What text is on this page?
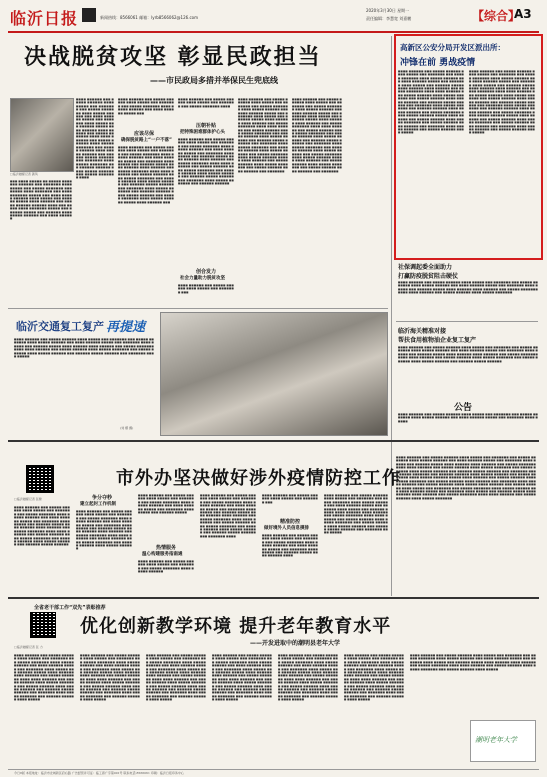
临沂日报	新闻热线：8566061 邮箱：lyrb8566062@126.com
2020年3月30日 星期一
责任编辑：李慧宽 刘嘉鹏	【综合】
A3
决战脱贫攻坚 彰显民政担当
——市民政局多措并举保民生兜底线
□临沂融媒记者 蒲凤
■■■ ■■■■ ■■■■■ ■■ ■■■■■ ■■■■ ■■■ ■■■■■■ ■■■ ■■■■■■■ ■■■■ ■■■■■ ■■■ ■■■■■ ■■■■■■■ ■■■ ■■■■■ ■■■■ ■■■■■■■ ■■■ ■■■■ ■■■■■■■ ■■■■■ ■■■ ■■■■ ■■■■■ ■■■■■■ ■■■■ ■■■■■ ■■■ ■■■■■■ ■■■■■ ■■■■ ■■■■■■ ■■■ ■■■■■ ■■■■■■ ■■■■■■ ■■■■ ■■■ ■■■■■ ■■■■ ■■■■■■■ ■■■■■ ■■■ ■■■■■■ ■■■■■ ■■■ ■■■■■■ ■■■■ ■■■■■ ■■■■■■ ■■■ ■■■■ ■■■■■■
■■■■ ■■■■■■ ■■■ ■■■■■ ■■■■■■ ■■■■ ■■■■■ ■■■ ■■■■■■■ ■■■ ■■■■■ ■■■■■■■ ■■■■ ■■■■■ ■■■■■■ ■■■ ■■■■ ■■■■■■ ■■■■■ ■■■ ■■■■■■■ ■■■■ ■■■■■ ■■■ ■■■■■■ ■■■■■ ■■■■ ■■■■■■ ■■■■ ■■■■■■ ■■■ ■■■■■ ■■■■■■■ ■■■■ ■■■■ ■■■■■■ ■■■ ■■■■■ ■■■■■■ ■■■■ ■■■■■ ■■■■■■■ ■■■ ■■■■■ ■■■■■■ ■■■■ ■■■■■ ■■■■■■ ■■■ ■■■■■■ ■■■■■ ■■■■■■ ■■■ ■■■■■■■ ■■■■ ■■■■■ ■■■■■■■ ■■■ ■■■■■■ ■■■■■■ ■■■■ ■■■■■ ■■■■■■ ■■■ ■■■■■ ■■■■■■■ ■■■■
■■■■ ■■■■■■ ■■■ ■■■■■ ■■■■■■ ■■■■ ■■■■■ ■■■ ■■■■■■■ ■■■ ■■■■■ ■■■■■■■ ■■■■ ■■■■■ ■■■■■■ ■■■ ■■■■ ■■■■■■ ■■■■■ ■■■
应该尽保
确保脱贫路上“一户不落”
■■■■ ■■■■■■ ■■■ ■■■■■ ■■■■■■ ■■■■ ■■■■■ ■■■ ■■■■■■■ ■■■ ■■■■■ ■■■■■■■ ■■■■ ■■■■■ ■■■■■■ ■■■ ■■■■ ■■■■■■ ■■■■■ ■■■ ■■■■■■■ ■■■■ ■■■■■ ■■■ ■■■■■■ ■■■■■ ■■■■ ■■■■■■ ■■■■ ■■■■■■ ■■■ ■■■■■ ■■■■■■■ ■■■■ ■■■■ ■■■■■■ ■■■ ■■■■■ ■■■■■■ ■■■■ ■■■■■ ■■■■■■■ ■■■ ■■■■■ ■■■■■■ ■■■■ ■■■■■ ■■■■■■ ■■■ ■■■■■■ ■■■■■ ■■■■■■ ■■■ ■■■■■■■ ■■■■ ■■■■■ ■■■■■■■ ■■■ ■■■■■■ ■■■■■■ ■■■■ ■■■■■ ■■■■■■ ■■■ ■■■■■ ■■■■■■■ ■■■■ ■■■■■ ■■■■■■ ■■■■■ ■■■■ ■■■■■■ ■■■
■■■■ ■■■■■■ ■■■ ■■■■■ ■■■■■■ ■■■■ ■■■■■ ■■■ ■■■■■■■ ■■■ ■■■■■ ■■■■■■■ ■■■■
压朝补贴
把特殊困难群体护心头
■■■■ ■■■■■■ ■■■ ■■■■■ ■■■■■■ ■■■■ ■■■■■ ■■■ ■■■■■■■ ■■■ ■■■■■ ■■■■■■■ ■■■■ ■■■■■ ■■■■■■ ■■■ ■■■■ ■■■■■■ ■■■■■ ■■■ ■■■■■■■ ■■■■ ■■■■■ ■■■ ■■■■■■ ■■■■■ ■■■■ ■■■■■■ ■■■■ ■■■■■■ ■■■ ■■■■■ ■■■■■■■ ■■■■ ■■■■ ■■■■■■ ■■■ ■■■■■ ■■■■■■ ■■■■ ■■■■■ ■■■■■■■ ■■■ ■■■■■ ■■■■■■ ■■■■ ■■■■■ ■■■■■■ ■■■ ■■■■■■ ■■■■■ ■■■■■■ ■■■ ■■■■■■■ ■■■■ ■■■■■ ■■■■■■■ ■■■ ■■■■■■ ■■■■■■
创合发力
社会力量助力脱贫攻坚
■■■■ ■■■■■■ ■■■ ■■■■■ ■■■■■■ ■■■■ ■■■■■ ■■■ ■■■■■■■ ■■■
■■■■ ■■■■■■ ■■■ ■■■■■ ■■■■■■ ■■■■ ■■■■■ ■■■ ■■■■■■■ ■■■ ■■■■■ ■■■■■■■ ■■■■ ■■■■■ ■■■■■■ ■■■ ■■■■ ■■■■■■ ■■■■■ ■■■ ■■■■■■■ ■■■■ ■■■■■ ■■■ ■■■■■■ ■■■■■ ■■■■ ■■■■■■ ■■■■ ■■■■■■ ■■■ ■■■■■ ■■■■■■■ ■■■■ ■■■■ ■■■■■■ ■■■ ■■■■■ ■■■■■■ ■■■■ ■■■■■ ■■■■■■■ ■■■ ■■■■■ ■■■■■■ ■■■■ ■■■■■ ■■■■■■ ■■■ ■■■■■■ ■■■■■ ■■■■■■ ■■■ ■■■■■■■ ■■■■ ■■■■■ ■■■■■■■ ■■■ ■■■■■■ ■■■■■■ ■■■■ ■■■■■ ■■■■■■ ■■■ ■■■■■ ■■■■■■■ ■■■■ ■■■■■ ■■■■■■ ■■■■■ ■■■■ ■■■■■■ ■■■ ■■■■■ ■■■■■■ ■■■■ ■■■■■ ■■■■■■■ ■■■ ■■■■■ ■■■■■■ ■■■■ ■■■■■■ ■■■ ■■■■■■■
■■■■ ■■■■■■ ■■■ ■■■■■ ■■■■■■ ■■■■ ■■■■■ ■■■ ■■■■■■■ ■■■ ■■■■■ ■■■■■■■ ■■■■ ■■■■■ ■■■■■■ ■■■ ■■■■ ■■■■■■ ■■■■■ ■■■ ■■■■■■■ ■■■■ ■■■■■ ■■■ ■■■■■■ ■■■■■ ■■■■ ■■■■■■ ■■■■ ■■■■■■ ■■■ ■■■■■ ■■■■■■■ ■■■■ ■■■■ ■■■■■■ ■■■ ■■■■■ ■■■■■■ ■■■■ ■■■■■ ■■■■■■■ ■■■ ■■■■■ ■■■■■■ ■■■■ ■■■■■ ■■■■■■ ■■■ ■■■■■■ ■■■■■ ■■■■■■ ■■■ ■■■■■■■ ■■■■ ■■■■■ ■■■■■■■ ■■■ ■■■■■■ ■■■■■■ ■■■■ ■■■■■ ■■■■■■ ■■■ ■■■■■ ■■■■■■■ ■■■■ ■■■■■ ■■■■■■ ■■■■■ ■■■■ ■■■■■■ ■■■ ■■■■■ ■■■■■■ ■■■■ ■■■■■ ■■■■■■■ ■■■ ■■■■■ ■■■■■■ ■■■■ ■■■■■■ ■■■ ■■■■■■■
高新区公安分局开发区派出所：
冲锋在前 勇战疫情
■■■■ ■■■■■■ ■■■ ■■■■■ ■■■■■■ ■■■■ ■■■■■ ■■■ ■■■■■■■ ■■■ ■■■■■ ■■■■■■■ ■■■■ ■■■■■ ■■■■■■ ■■■ ■■■■ ■■■■■■ ■■■■■ ■■■ ■■■■■■■ ■■■■ ■■■■■ ■■■ ■■■■■■ ■■■■■ ■■■■ ■■■■■■ ■■■■ ■■■■■■ ■■■ ■■■■■ ■■■■■■■ ■■■■ ■■■■ ■■■■■■ ■■■ ■■■■■ ■■■■■■ ■■■■ ■■■■■ ■■■■■■■ ■■■ ■■■■■ ■■■■■■ ■■■■ ■■■■■ ■■■■■■ ■■■ ■■■■■■ ■■■■■ ■■■■■■ ■■■ ■■■■■■■ ■■■■ ■■■■■ ■■■■■■■ ■■■ ■■■■■■ ■■■■■■ ■■■■ ■■■■■ ■■■■■■ ■■■ ■■■■■ ■■■■■■■ ■■■■ ■■■■■ ■■■■■■ ■■■■■ ■■■■ ■■■■■■ ■■■ ■■■■■ ■■■■■■ ■■■■ ■■■■■ ■■■■■■■ ■■■ ■■■■■ ■■■■■■ ■■■■ ■■■■■■ ■■■ ■■■■■■■ ■■■■ ■■■■■ ■■■■■■ ■■■ ■■■■■ ■■■■■■ ■■■■ ■■■■■
■■■■ ■■■■■■ ■■■ ■■■■■ ■■■■■■ ■■■■ ■■■■■ ■■■ ■■■■■■■ ■■■ ■■■■■ ■■■■■■■ ■■■■ ■■■■■ ■■■■■■ ■■■ ■■■■ ■■■■■■ ■■■■■ ■■■ ■■■■■■■ ■■■■ ■■■■■ ■■■ ■■■■■■ ■■■■■ ■■■■ ■■■■■■ ■■■■ ■■■■■■ ■■■ ■■■■■ ■■■■■■■ ■■■■ ■■■■ ■■■■■■ ■■■ ■■■■■ ■■■■■■ ■■■■ ■■■■■ ■■■■■■■ ■■■ ■■■■■ ■■■■■■ ■■■■ ■■■■■ ■■■■■■ ■■■ ■■■■■■ ■■■■■ ■■■■■■ ■■■ ■■■■■■■ ■■■■ ■■■■■ ■■■■■■■ ■■■ ■■■■■■ ■■■■■■ ■■■■ ■■■■■ ■■■■■■ ■■■ ■■■■■ ■■■■■■■ ■■■■ ■■■■■ ■■■■■■ ■■■■■ ■■■■ ■■■■■■ ■■■ ■■■■■ ■■■■■■ ■■■■ ■■■■■ ■■■■■■■ ■■■ ■■■■■ ■■■■■■ ■■■■ ■■■■■■ ■■■ ■■■■■■■ ■■■■ ■■■■■ ■■■■■■ ■■■ ■■■■■ ■■■■■■ ■■■■ ■■■■■
社保调起委全面助力
打赢防疫脱贫阻击硬仗
■■■■ ■■■■■■ ■■■ ■■■■■ ■■■■■■ ■■■■ ■■■■■ ■■■ ■■■■■■■ ■■■ ■■■■■ ■■■■■■■ ■■■■ ■■■■■ ■■■■■■ ■■■ ■■■■ ■■■■■■ ■■■■■ ■■■ ■■■■■■■ ■■■■ ■■■■■ ■■■ ■■■■■■ ■■■■■ ■■■■ ■■■■■■ ■■■■ ■■■■■■ ■■■ ■■■■■ ■■■■■■■ ■■■■ ■■■■ ■■■■■■ ■■■ ■■■■■ ■■■■■■ ■■■■ ■■■■■ ■■■■■■■
临沂海关精准对接
帮扶食用植物油企业复工复产
■■■■ ■■■■■■ ■■■ ■■■■■ ■■■■■■ ■■■■ ■■■■■ ■■■ ■■■■■■■ ■■■ ■■■■■ ■■■■■■■ ■■■■ ■■■■■ ■■■■■■ ■■■ ■■■■ ■■■■■■ ■■■■■ ■■■ ■■■■■■■ ■■■■ ■■■■■ ■■■ ■■■■■■ ■■■■■ ■■■■ ■■■■■■ ■■■■ ■■■■■■ ■■■ ■■■■■ ■■■■■■■ ■■■■ ■■■■ ■■■■■■ ■■■ ■■■■■ ■■■■■■ ■■■■ ■■■■■ ■■■■■■■ ■■■ ■■■■■ ■■■■■■ ■■■■ ■■■■■ ■■■■■■ ■■■ ■■■■■■ ■■■■■ ■■■■■■
公告
■■■■ ■■■■■■ ■■■ ■■■■■ ■■■■■■ ■■■■ ■■■■■ ■■■ ■■■■■■■ ■■■ ■■■■■ ■■■■■■■ ■■■■ ■■■■■ ■■■■■■ ■■■ ■■■■ ■■■■■■ ■■■■■ ■■■ ■■■■■■■ ■■■■ ■■■■■
临沂交通复工复产 再提速
■■■■ ■■■■■■ ■■■ ■■■■■ ■■■■■■ ■■■■ ■■■■■ ■■■ ■■■■■■■ ■■■ ■■■■■ ■■■■■■■ ■■■■ ■■■■■ ■■■■■■ ■■■ ■■■■ ■■■■■■ ■■■■■ ■■■ ■■■■■■■ ■■■■ ■■■■■ ■■■ ■■■■■■ ■■■■■ ■■■■ ■■■■■■ ■■■■ ■■■■■■ ■■■ ■■■■■ ■■■■■■■ ■■■■ ■■■■ ■■■■■■ ■■■ ■■■■■ ■■■■■■ ■■■■ ■■■■■ ■■■■■■■ ■■■ ■■■■■ ■■■■■■ ■■■■ ■■■■■ ■■■■■■ ■■■ ■■■■■■ ■■■■■ ■■■■■■ ■■■ ■■■■■■■ ■■■■ ■■■■■
(刘 娜 摄)
市外办坚决做好涉外疫情防控工作
□临沂融媒记者 张健
■■■■ ■■■■■■ ■■■ ■■■■■ ■■■■■■ ■■■■ ■■■■■ ■■■ ■■■■■■■ ■■■ ■■■■■ ■■■■■■■ ■■■■ ■■■■■ ■■■■■■ ■■■ ■■■■ ■■■■■■ ■■■■■ ■■■ ■■■■■■■ ■■■■ ■■■■■ ■■■ ■■■■■■ ■■■■■ ■■■■ ■■■■■■ ■■■■ ■■■■■■ ■■■ ■■■■■ ■■■■■■■ ■■■■ ■■■■ ■■■■■■ ■■■ ■■■■■ ■■■■■■ ■■■■ ■■■■■ ■■■■■■■ ■■■ ■■■■■ ■■■■■■ ■■■■ ■■■■■ ■■■■■■ ■■■ ■■■■■■ ■■■■■ ■■■■■■
争分夺秒
建立起封工作机制
■■■■ ■■■■■■ ■■■ ■■■■■ ■■■■■■ ■■■■ ■■■■■ ■■■ ■■■■■■■ ■■■ ■■■■■ ■■■■■■■ ■■■■ ■■■■■ ■■■■■■ ■■■ ■■■■ ■■■■■■ ■■■■■ ■■■ ■■■■■■■ ■■■■ ■■■■■ ■■■ ■■■■■■ ■■■■■ ■■■■ ■■■■■■ ■■■■ ■■■■■■ ■■■ ■■■■■ ■■■■■■■ ■■■■ ■■■■ ■■■■■■ ■■■ ■■■■■ ■■■■■■ ■■■■ ■■■■■ ■■■■■■■ ■■■ ■■■■■ ■■■■■■ ■■■■ ■■■■■ ■■■■■■
■■■■ ■■■■■■ ■■■ ■■■■■ ■■■■■■ ■■■■ ■■■■■ ■■■ ■■■■■■■ ■■■ ■■■■■ ■■■■■■■ ■■■■ ■■■■■ ■■■■■■ ■■■ ■■■■ ■■■■■■ ■■■■■ ■■■ ■■■■■■■ ■■■■ ■■■■■ ■■■ ■■■■■■ ■■■■■
热情服务
温心构建服务指南通
■■■■ ■■■■■■ ■■■ ■■■■■ ■■■■■■ ■■■■ ■■■■■ ■■■ ■■■■■■■ ■■■ ■■■■■ ■■■■■■■ ■■■■ ■■■■■ ■■■■■■
■■■■ ■■■■■■ ■■■ ■■■■■ ■■■■■■ ■■■■ ■■■■■ ■■■ ■■■■■■■ ■■■ ■■■■■ ■■■■■■■ ■■■■ ■■■■■ ■■■■■■ ■■■ ■■■■ ■■■■■■ ■■■■■ ■■■ ■■■■■■■ ■■■■ ■■■■■ ■■■ ■■■■■■ ■■■■■ ■■■■ ■■■■■■ ■■■■ ■■■■■■ ■■■ ■■■■■ ■■■■■■■ ■■■■ ■■■■ ■■■■■■ ■■■ ■■■■■ ■■■■■■ ■■■■ ■■■■■ ■■■■■■■ ■■■ ■■■■■ ■■■■■■ ■■■■ ■■■■■ ■■■■■■ ■■■ ■■■■■■ ■■■■■ ■■■■■■ ■■■ ■■■■■■■ ■■■■
■■■■ ■■■■■■ ■■■ ■■■■■ ■■■■■■ ■■■■ ■■■■■ ■■■ ■■■■■■■ ■■■
精准防控
做好境外人员信息摸排
■■■■ ■■■■■■ ■■■ ■■■■■ ■■■■■■ ■■■■ ■■■■■ ■■■ ■■■■■■■ ■■■ ■■■■■ ■■■■■■■ ■■■■ ■■■■■ ■■■■■■ ■■■ ■■■■ ■■■■■■ ■■■■■ ■■■ ■■■■■■■ ■■■■ ■■■■■ ■■■ ■■■■■■ ■■■■■ ■■■■ ■■■■■■ ■■■■
■■■■ ■■■■■■ ■■■ ■■■■■ ■■■■■■ ■■■■ ■■■■■ ■■■ ■■■■■■■ ■■■ ■■■■■ ■■■■■■■ ■■■■ ■■■■■ ■■■■■■ ■■■ ■■■■ ■■■■■■ ■■■■■ ■■■ ■■■■■■■ ■■■■ ■■■■■ ■■■ ■■■■■■ ■■■■■ ■■■■ ■■■■■■ ■■■■ ■■■■■■ ■■■ ■■■■■ ■■■■■■■ ■■■■ ■■■■ ■■■■■■ ■■■ ■■■■■ ■■■■■■ ■■■■ ■■■■■ ■■■■■■■ ■■■ ■■■■■ ■■■■■■ ■■■■ ■■■■■ ■■■■■■ ■■■ ■■■■■■ ■■■■■ ■■■■■■ ■■■ ■■■■■■■ ■■■■ ■■■■■
■■■■ ■■■■■■ ■■■ ■■■■■ ■■■■■■ ■■■■ ■■■■■ ■■■ ■■■■■■■ ■■■ ■■■■■ ■■■■■■■ ■■■■ ■■■■■ ■■■■■■ ■■■ ■■■■ ■■■■■■ ■■■■■ ■■■ ■■■■■■■ ■■■■ ■■■■■ ■■■ ■■■■■■ ■■■■■ ■■■■ ■■■■■■ ■■■■ ■■■■■■ ■■■ ■■■■■ ■■■■■■■ ■■■■ ■■■■ ■■■■■■ ■■■ ■■■■■ ■■■■■■ ■■■■ ■■■■■ ■■■■■■■ ■■■ ■■■■■ ■■■■■■ ■■■■ ■■■■■ ■■■■■■ ■■■ ■■■■■■ ■■■■■ ■■■■■■ ■■■ ■■■■■■■ ■■■■ ■■■■■ ■■■■■■■ ■■■ ■■■■■■ ■■■■■■ ■■■■ ■■■■■ ■■■■■■ ■■■ ■■■■■ ■■■■■■■ ■■■■ ■■■■■ ■■■■■■ ■■■■■ ■■■■ ■■■■■■ ■■■ ■■■■■ ■■■■■■ ■■■■ ■■■■■ ■■■■■■■ ■■■ ■■■■■ ■■■■■■ ■■■■ ■■■■■■ ■■■ ■■■■■■■ ■■■■ ■■■■■ ■■■■■■ ■■■ ■■■■■ ■■■■■■ ■■■■ ■■■■■ ■■■■ ■■■■■■ ■■■ ■■■■■ ■■■■■■ ■■■■ ■■■■■ ■■■ ■■■■■■■ ■■■ ■■■■■ ■■■■■■■ ■■■■ ■■■■■ ■■■■■■ ■■■ ■■■■ ■■■■■■ ■■■■■ ■■■ ■■■■■■■ ■■■■ ■■■■■ ■■■ ■■■■■■ ■■■■■ ■■■■ ■■■■■■ ■■■■ ■■■■■■ ■■■ ■■■■■ ■■■■■■■ ■■■■ ■■■■ ■■■■■■ ■■■ ■■■■■ ■■■■■■ ■■■■ ■■■■■ ■■■■■■■
全省老干部工作“双先”表彰推荐
优化创新教学环境 提升老年教育水平
——开发进取中的潮明县老年大学
□临沂融媒记者 张 力
■■■■ ■■■■■■ ■■■ ■■■■■ ■■■■■■ ■■■■ ■■■■■ ■■■ ■■■■■■■ ■■■ ■■■■■ ■■■■■■■ ■■■■ ■■■■■ ■■■■■■ ■■■ ■■■■ ■■■■■■ ■■■■■ ■■■ ■■■■■■■ ■■■■ ■■■■■ ■■■ ■■■■■■ ■■■■■ ■■■■ ■■■■■■ ■■■■ ■■■■■■ ■■■ ■■■■■ ■■■■■■■ ■■■■ ■■■■ ■■■■■■ ■■■ ■■■■■ ■■■■■■ ■■■■ ■■■■■ ■■■■■■■ ■■■ ■■■■■ ■■■■■■ ■■■■ ■■■■■ ■■■■■■ ■■■ ■■■■■■ ■■■■■ ■■■■■■ ■■■ ■■■■■■■ ■■■■ ■■■■■ ■■■■■■■ ■■■ ■■■■■■ ■■■■■■ ■■■■ ■■■■■
■■■■ ■■■■■■ ■■■ ■■■■■ ■■■■■■ ■■■■ ■■■■■ ■■■ ■■■■■■■ ■■■ ■■■■■ ■■■■■■■ ■■■■ ■■■■■ ■■■■■■ ■■■ ■■■■ ■■■■■■ ■■■■■ ■■■ ■■■■■■■ ■■■■ ■■■■■ ■■■ ■■■■■■ ■■■■■ ■■■■ ■■■■■■ ■■■■ ■■■■■■ ■■■ ■■■■■ ■■■■■■■ ■■■■ ■■■■ ■■■■■■ ■■■ ■■■■■ ■■■■■■ ■■■■ ■■■■■ ■■■■■■■ ■■■ ■■■■■ ■■■■■■ ■■■■ ■■■■■ ■■■■■■ ■■■ ■■■■■■ ■■■■■ ■■■■■■ ■■■ ■■■■■■■ ■■■■ ■■■■■ ■■■■■■■ ■■■ ■■■■■■ ■■■■■■ ■■■■ ■■■■■
■■■■ ■■■■■■ ■■■ ■■■■■ ■■■■■■ ■■■■ ■■■■■ ■■■ ■■■■■■■ ■■■ ■■■■■ ■■■■■■■ ■■■■ ■■■■■ ■■■■■■ ■■■ ■■■■ ■■■■■■ ■■■■■ ■■■ ■■■■■■■ ■■■■ ■■■■■ ■■■ ■■■■■■ ■■■■■ ■■■■ ■■■■■■ ■■■■ ■■■■■■ ■■■ ■■■■■ ■■■■■■■ ■■■■ ■■■■ ■■■■■■ ■■■ ■■■■■ ■■■■■■ ■■■■ ■■■■■ ■■■■■■■ ■■■ ■■■■■ ■■■■■■ ■■■■ ■■■■■ ■■■■■■ ■■■ ■■■■■■ ■■■■■ ■■■■■■ ■■■ ■■■■■■■ ■■■■ ■■■■■ ■■■■■■■ ■■■ ■■■■■■ ■■■■■■ ■■■■ ■■■■■
■■■■ ■■■■■■ ■■■ ■■■■■ ■■■■■■ ■■■■ ■■■■■ ■■■ ■■■■■■■ ■■■ ■■■■■ ■■■■■■■ ■■■■ ■■■■■ ■■■■■■ ■■■ ■■■■ ■■■■■■ ■■■■■ ■■■ ■■■■■■■ ■■■■ ■■■■■ ■■■ ■■■■■■ ■■■■■ ■■■■ ■■■■■■ ■■■■ ■■■■■■ ■■■ ■■■■■ ■■■■■■■ ■■■■ ■■■■ ■■■■■■ ■■■ ■■■■■ ■■■■■■ ■■■■ ■■■■■ ■■■■■■■ ■■■ ■■■■■ ■■■■■■ ■■■■ ■■■■■ ■■■■■■ ■■■ ■■■■■■ ■■■■■ ■■■■■■ ■■■ ■■■■■■■ ■■■■ ■■■■■ ■■■■■■■ ■■■ ■■■■■■ ■■■■■■ ■■■■ ■■■■■
■■■■ ■■■■■■ ■■■ ■■■■■ ■■■■■■ ■■■■ ■■■■■ ■■■ ■■■■■■■ ■■■ ■■■■■ ■■■■■■■ ■■■■ ■■■■■ ■■■■■■ ■■■ ■■■■ ■■■■■■ ■■■■■ ■■■ ■■■■■■■ ■■■■ ■■■■■ ■■■ ■■■■■■ ■■■■■ ■■■■ ■■■■■■ ■■■■ ■■■■■■ ■■■ ■■■■■ ■■■■■■■ ■■■■ ■■■■ ■■■■■■ ■■■ ■■■■■ ■■■■■■ ■■■■ ■■■■■ ■■■■■■■ ■■■ ■■■■■ ■■■■■■ ■■■■ ■■■■■ ■■■■■■ ■■■ ■■■■■■ ■■■■■ ■■■■■■ ■■■ ■■■■■■■ ■■■■ ■■■■■ ■■■■■■■ ■■■ ■■■■■■ ■■■■■■ ■■■■ ■■■■■
■■■■ ■■■■■■ ■■■ ■■■■■ ■■■■■■ ■■■■ ■■■■■ ■■■ ■■■■■■■ ■■■ ■■■■■ ■■■■■■■ ■■■■ ■■■■■ ■■■■■■ ■■■ ■■■■ ■■■■■■ ■■■■■ ■■■ ■■■■■■■ ■■■■ ■■■■■ ■■■ ■■■■■■ ■■■■■ ■■■■ ■■■■■■ ■■■■ ■■■■■■ ■■■ ■■■■■ ■■■■■■■ ■■■■ ■■■■ ■■■■■■ ■■■ ■■■■■ ■■■■■■ ■■■■ ■■■■■ ■■■■■■■ ■■■ ■■■■■ ■■■■■■ ■■■■ ■■■■■ ■■■■■■ ■■■ ■■■■■■ ■■■■■ ■■■■■■ ■■■ ■■■■■■■ ■■■■ ■■■■■ ■■■■■■■ ■■■ ■■■■■■ ■■■■■■ ■■■■ ■■■■■
■■■■ ■■■■■■ ■■■ ■■■■■ ■■■■■■ ■■■■ ■■■■■ ■■■ ■■■■■■■ ■■■ ■■■■■ ■■■■■■■ ■■■■ ■■■■■ ■■■■■■ ■■■ ■■■■ ■■■■■■ ■■■■■ ■■■ ■■■■■■■ ■■■■ ■■■■■ ■■■ ■■■■■■ ■■■■■ ■■■■ ■■■■■■ ■■■■ ■■■■■■ ■■■ ■■■■■ ■■■■■■■ ■■■■ ■■■■ ■■■■■■ ■■■ ■■■■■ ■■■■■■ ■■■■ ■■■■■ ■■■■■■■ ■■■ ■■■■■ ■■■■■■ ■■■■ ■■■■■
潮明老年大学
今日8版 本报地址：临沂市北城新区府右路 广告经营许可证：临工商广字第001号 联系电话:8566061 印刷：临沂日报印务中心
